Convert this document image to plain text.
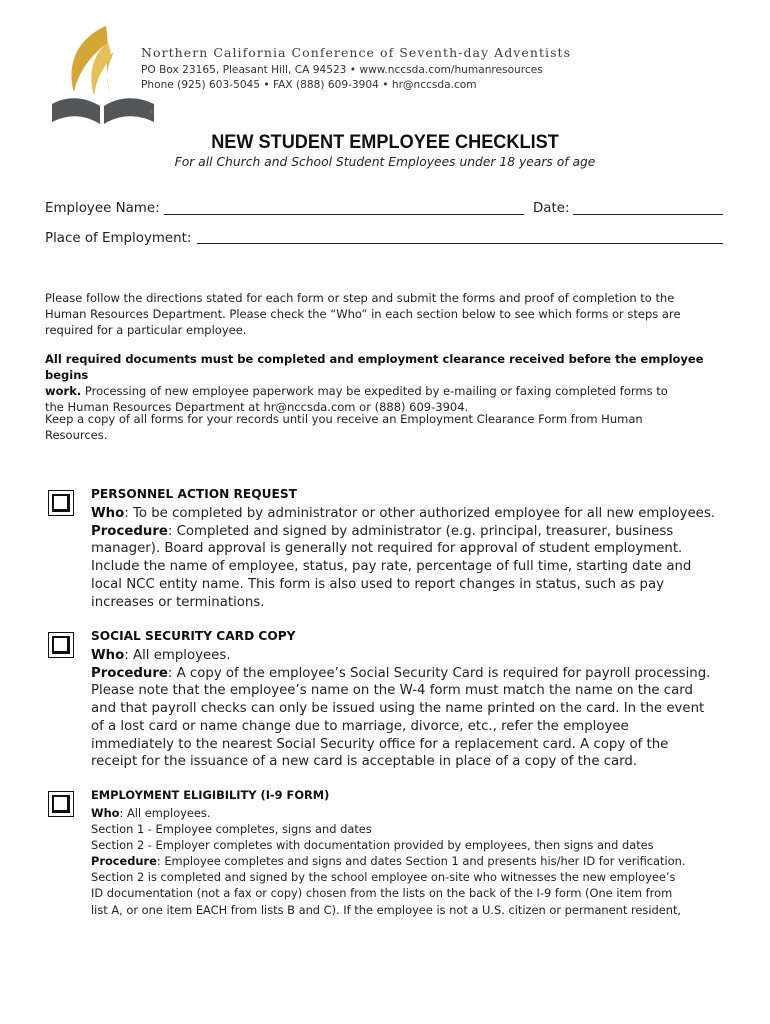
®
Northern California Conference of Seventh-day Adventists
PO Box 23165, Pleasant Hill, CA 94523 • www.nccsda.com/humanresources
Phone (925) 603-5045 • FAX (888) 609-3904 • hr@nccsda.com
NEW STUDENT EMPLOYEE CHECKLIST
For all Church and School Student Employees under 18 years of age
Employee Name:	Date:
Place of Employment:
Please follow the directions stated for each form or step and submit the forms and proof of completion to the
Human Resources Department. Please check the “Who” in each section below to see which forms or steps are
required for a particular employee.
All required documents must be completed and employment clearance received before the employee begins
work. Processing of new employee paperwork may be expedited by e-mailing or faxing completed forms to
the Human Resources Department at hr@nccsda.com or (888) 609-3904.
Keep a copy of all forms for your records until you receive an Employment Clearance Form from Human
Resources.
PERSONNEL ACTION REQUEST
Who: To be completed by administrator or other authorized employee for all new employees.
Procedure: Completed and signed by administrator (e.g. principal, treasurer, business
manager). Board approval is generally not required for approval of student employment.
Include the name of employee, status, pay rate, percentage of full time, starting date and
local NCC entity name. This form is also used to report changes in status, such as pay
increases or terminations.
SOCIAL SECURITY CARD COPY
Who: All employees.
Procedure: A copy of the employee’s Social Security Card is required for payroll processing.
Please note that the employee’s name on the W-4 form must match the name on the card
and that payroll checks can only be issued using the name printed on the card. In the event
of a lost card or name change due to marriage, divorce, etc., refer the employee
immediately to the nearest Social Security office for a replacement card. A copy of the
receipt for the issuance of a new card is acceptable in place of a copy of the card.
EMPLOYMENT ELIGIBILITY (I-9 FORM)
Who: All employees.
Section 1 - Employee completes, signs and dates
Section 2 - Employer completes with documentation provided by employees, then signs and dates
Procedure: Employee completes and signs and dates Section 1 and presents his/her ID for verification.
Section 2 is completed and signed by the school employee on-site who witnesses the new employee’s
ID documentation (not a fax or copy) chosen from the lists on the back of the I-9 form (One item from
list A, or one item EACH from lists B and C). If the employee is not a U.S. citizen or permanent resident,
